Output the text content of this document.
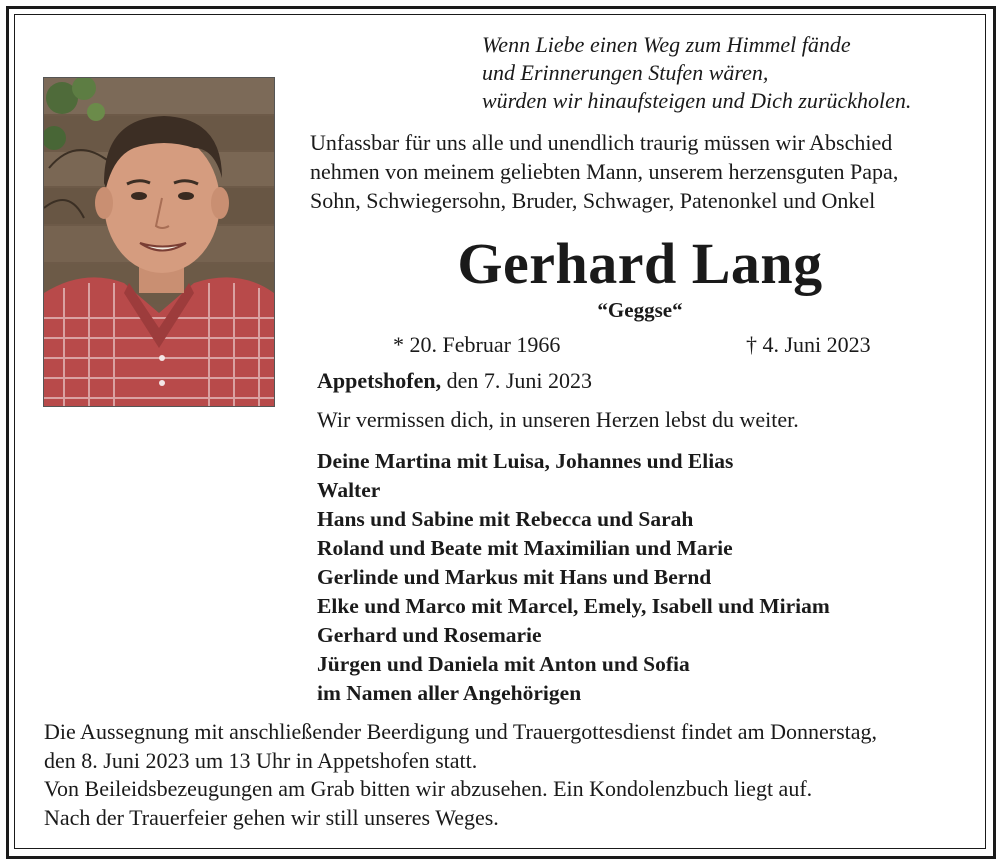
Wenn Liebe einen Weg zum Himmel fände
und Erinnerungen Stufen wären,
würden wir hinaufsteigen und Dich zurückholen.
Unfassbar für uns alle und unendlich traurig müssen wir Abschied
nehmen von meinem geliebten Mann, unserem herzensguten Papa,
Sohn, Schwiegersohn, Bruder, Schwager, Patenonkel und Onkel
Gerhard Lang
“Geggse“
* 20. Februar 1966	† 4. Juni 2023
Appetshofen, den 7. Juni 2023
Wir vermissen dich, in unseren Herzen lebst du weiter.
Deine Martina mit Luisa, Johannes und Elias
Walter
Hans und Sabine mit Rebecca und Sarah
Roland und Beate mit Maximilian und Marie
Gerlinde und Markus mit Hans und Bernd
Elke und Marco mit Marcel, Emely, Isabell und Miriam
Gerhard und Rosemarie
Jürgen und Daniela mit Anton und Sofia
im Namen aller Angehörigen
Die Aussegnung mit anschließender Beerdigung und Trauergottesdienst findet am Donnerstag,
den 8. Juni 2023 um 13 Uhr in Appetshofen statt.
Von Beileidsbezeugungen am Grab bitten wir abzusehen. Ein Kondolenzbuch liegt auf.
Nach der Trauerfeier gehen wir still unseres Weges.
